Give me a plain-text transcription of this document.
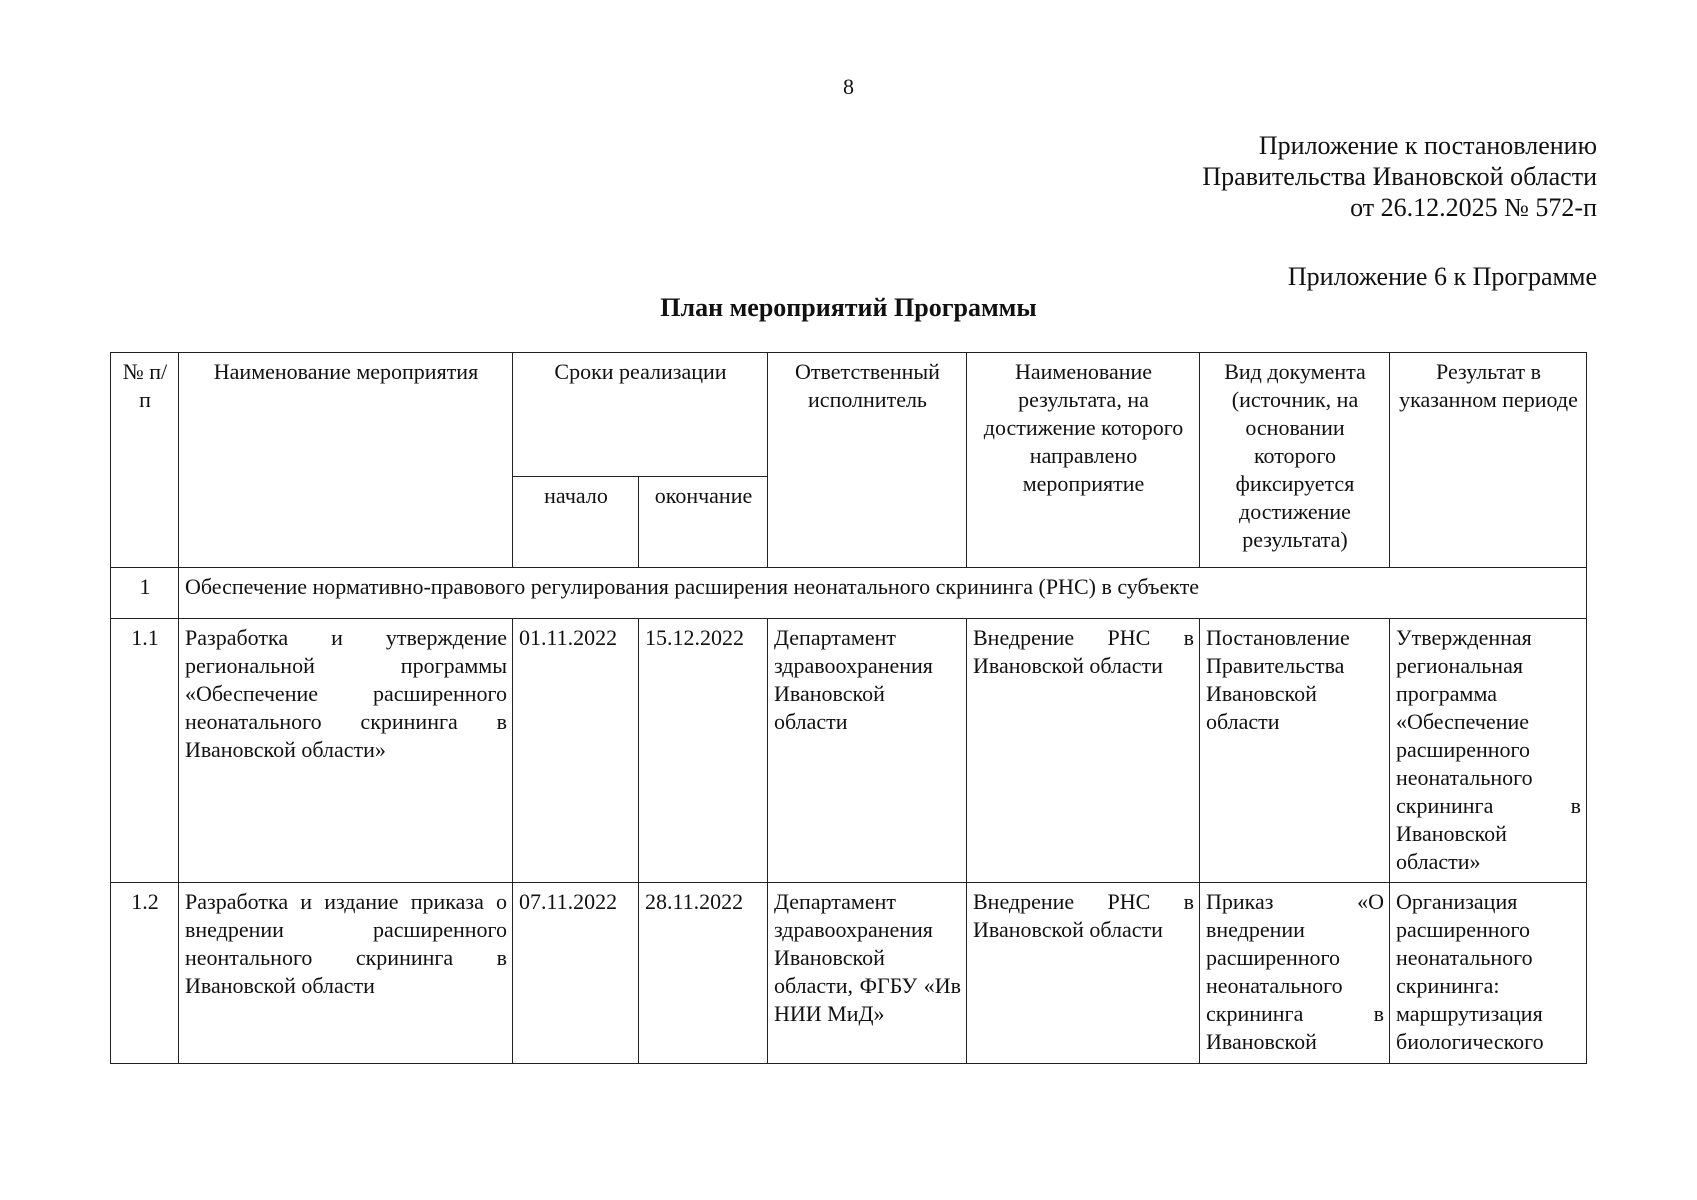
8
Приложение к постановлению
Правительства Ивановской области
от 26.12.2025 № 572-п
Приложение 6 к Программе
План мероприятий Программы
№ п/п	Наименование мероприятия	Сроки реализации		Ответственный исполнитель	Наименование результата, на достижение которого направлено мероприятие	Вид документа (источник, на основании которого фиксируется достижение результата)	Результат в указанном периоде
		начало	окончание				
1	Обеспечение нормативно-правового регулирования расширения неонатального скрининга (РНС) в субъекте						
1.1	Разработка и утверждение региональной программы «Обеспечение расширенного неонатального скрининга в Ивановской области»	01.11.2022	15.12.2022	Департамент здравоохранения Ивановской области	Внедрение РНС в Ивановской области	Постановление Правительства Ивановской области	Утвержденная региональная программа «Обеспечение расширенного неонатального скрининга в Ивановской области»
1.2	Разработка и издание приказа о внедрении расширенного неонтального скрининга в Ивановской области	07.11.2022	28.11.2022	Департамент здравоохранения Ивановской области, ФГБУ «Ив НИИ МиД»	Внедрение РНС в Ивановской области	Приказ «О внедрении расширенного неонатального скрининга в Ивановской	Организация расширенного неонатального скрининга: маршрутизация биологического
